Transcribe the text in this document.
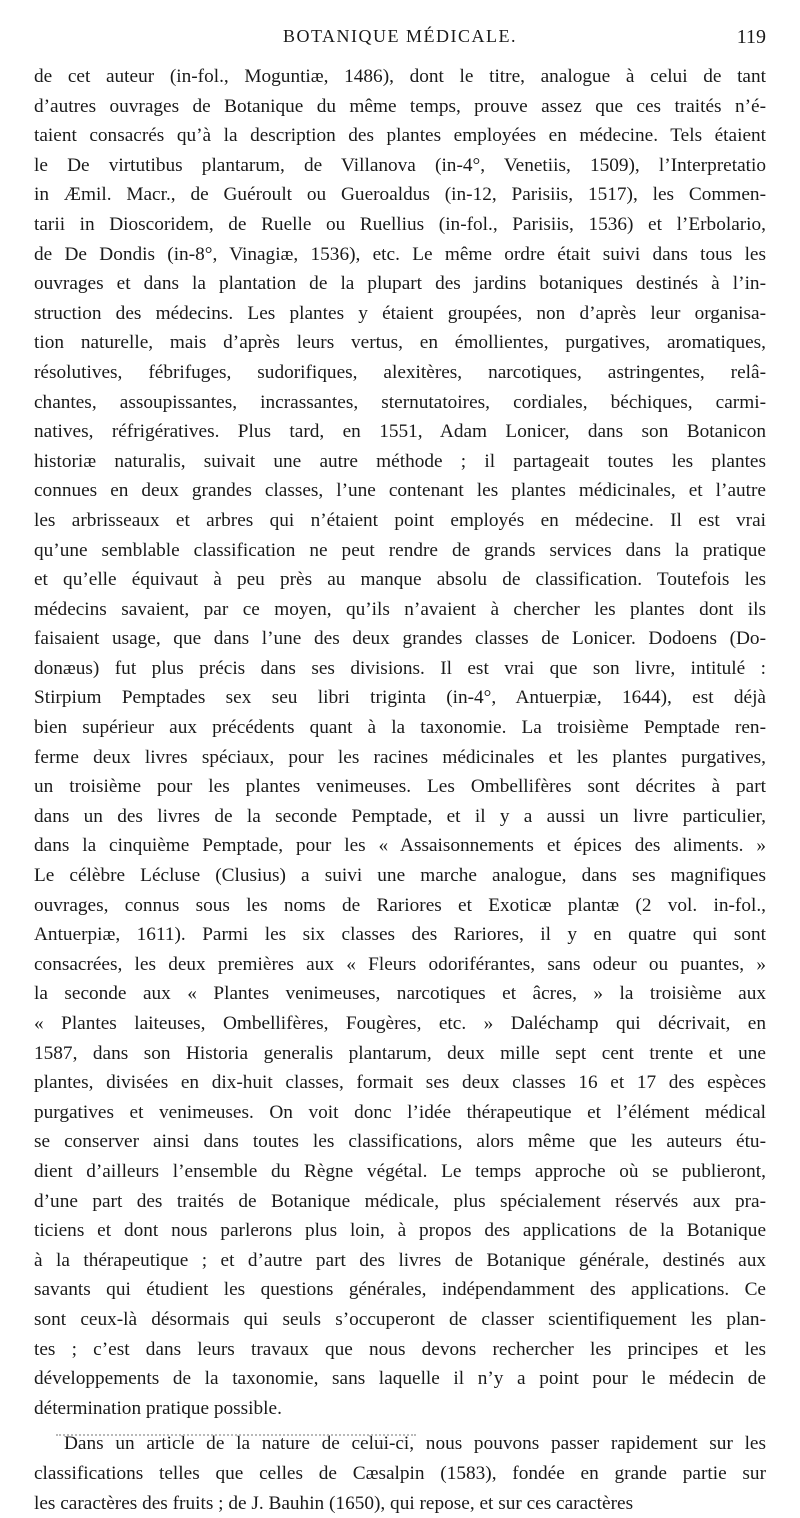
BOTANIQUE MÉDICALE.	119
de cet auteur (in-fol., Moguntiæ, 1486), dont le titre, analogue à celui de tant
d’autres ouvrages de Botanique du même temps, prouve assez que ces traités n’é-
taient consacrés qu’à la description des plantes employées en médecine. Tels étaient
le De virtutibus plantarum, de Villanova (in-4°, Venetiis, 1509), l’Interpretatio
in Æmil. Macr., de Guéroult ou Gueroaldus (in-12, Parisiis, 1517), les Commen-
tarii in Dioscoridem, de Ruelle ou Ruellius (in-fol., Parisiis, 1536) et l’Erbolario,
de De Dondis (in-8°, Vinagiæ, 1536), etc. Le même ordre était suivi dans tous les
ouvrages et dans la plantation de la plupart des jardins botaniques destinés à l’in-
struction des médecins. Les plantes y étaient groupées, non d’après leur organisa-
tion naturelle, mais d’après leurs vertus, en émollientes, purgatives, aromatiques,
résolutives, fébrifuges, sudorifiques, alexitères, narcotiques, astringentes, relâ-
chantes, assoupissantes, incrassantes, sternutatoires, cordiales, béchiques, carmi-
natives, réfrigératives. Plus tard, en 1551, Adam Lonicer, dans son Botanicon
historiæ naturalis, suivait une autre méthode ; il partageait toutes les plantes
connues en deux grandes classes, l’une contenant les plantes médicinales, et l’autre
les arbrisseaux et arbres qui n’étaient point employés en médecine. Il est vrai
qu’une semblable classification ne peut rendre de grands services dans la pratique
et qu’elle équivaut à peu près au manque absolu de classification. Toutefois les
médecins savaient, par ce moyen, qu’ils n’avaient à chercher les plantes dont ils
faisaient usage, que dans l’une des deux grandes classes de Lonicer. Dodoens (Do-
donæus) fut plus précis dans ses divisions. Il est vrai que son livre, intitulé :
Stirpium Pemptades sex seu libri triginta (in-4°, Antuerpiæ, 1644), est déjà
bien supérieur aux précédents quant à la taxonomie. La troisième Pemptade ren-
ferme deux livres spéciaux, pour les racines médicinales et les plantes purgatives,
un troisième pour les plantes venimeuses. Les Ombellifères sont décrites à part
dans un des livres de la seconde Pemptade, et il y a aussi un livre particulier,
dans la cinquième Pemptade, pour les « Assaisonnements et épices des aliments. »
Le célèbre Lécluse (Clusius) a suivi une marche analogue, dans ses magnifiques
ouvrages, connus sous les noms de Rariores et Exoticæ plantæ (2 vol. in-fol.,
Antuerpiæ, 1611). Parmi les six classes des Rariores, il y en quatre qui sont
consacrées, les deux premières aux « Fleurs odoriférantes, sans odeur ou puantes, »
la seconde aux « Plantes venimeuses, narcotiques et âcres, » la troisième aux
« Plantes laiteuses, Ombellifères, Fougères, etc. » Daléchamp qui décrivait, en
1587, dans son Historia generalis plantarum, deux mille sept cent trente et une
plantes, divisées en dix-huit classes, formait ses deux classes 16 et 17 des espèces
purgatives et venimeuses. On voit donc l’idée thérapeutique et l’élément médical
se conserver ainsi dans toutes les classifications, alors même que les auteurs étu-
dient d’ailleurs l’ensemble du Règne végétal. Le temps approche où se publieront,
d’une part des traités de Botanique médicale, plus spécialement réservés aux pra-
ticiens et dont nous parlerons plus loin, à propos des applications de la Botanique
à la thérapeutique ; et d’autre part des livres de Botanique générale, destinés aux
savants qui étudient les questions générales, indépendamment des applications. Ce
sont ceux-là désormais qui seuls s’occuperont de classer scientifiquement les plan-
tes ; c’est dans leurs travaux que nous devons rechercher les principes et les
développements de la taxonomie, sans laquelle il n’y a point pour le médecin de
détermination pratique possible.
Dans un article de la nature de celui-ci, nous pouvons passer rapidement sur les
classifications telles que celles de Cæsalpin (1583), fondée en grande partie sur
les caractères des fruits ; de J. Bauhin (1650), qui repose, et sur ces caractères
